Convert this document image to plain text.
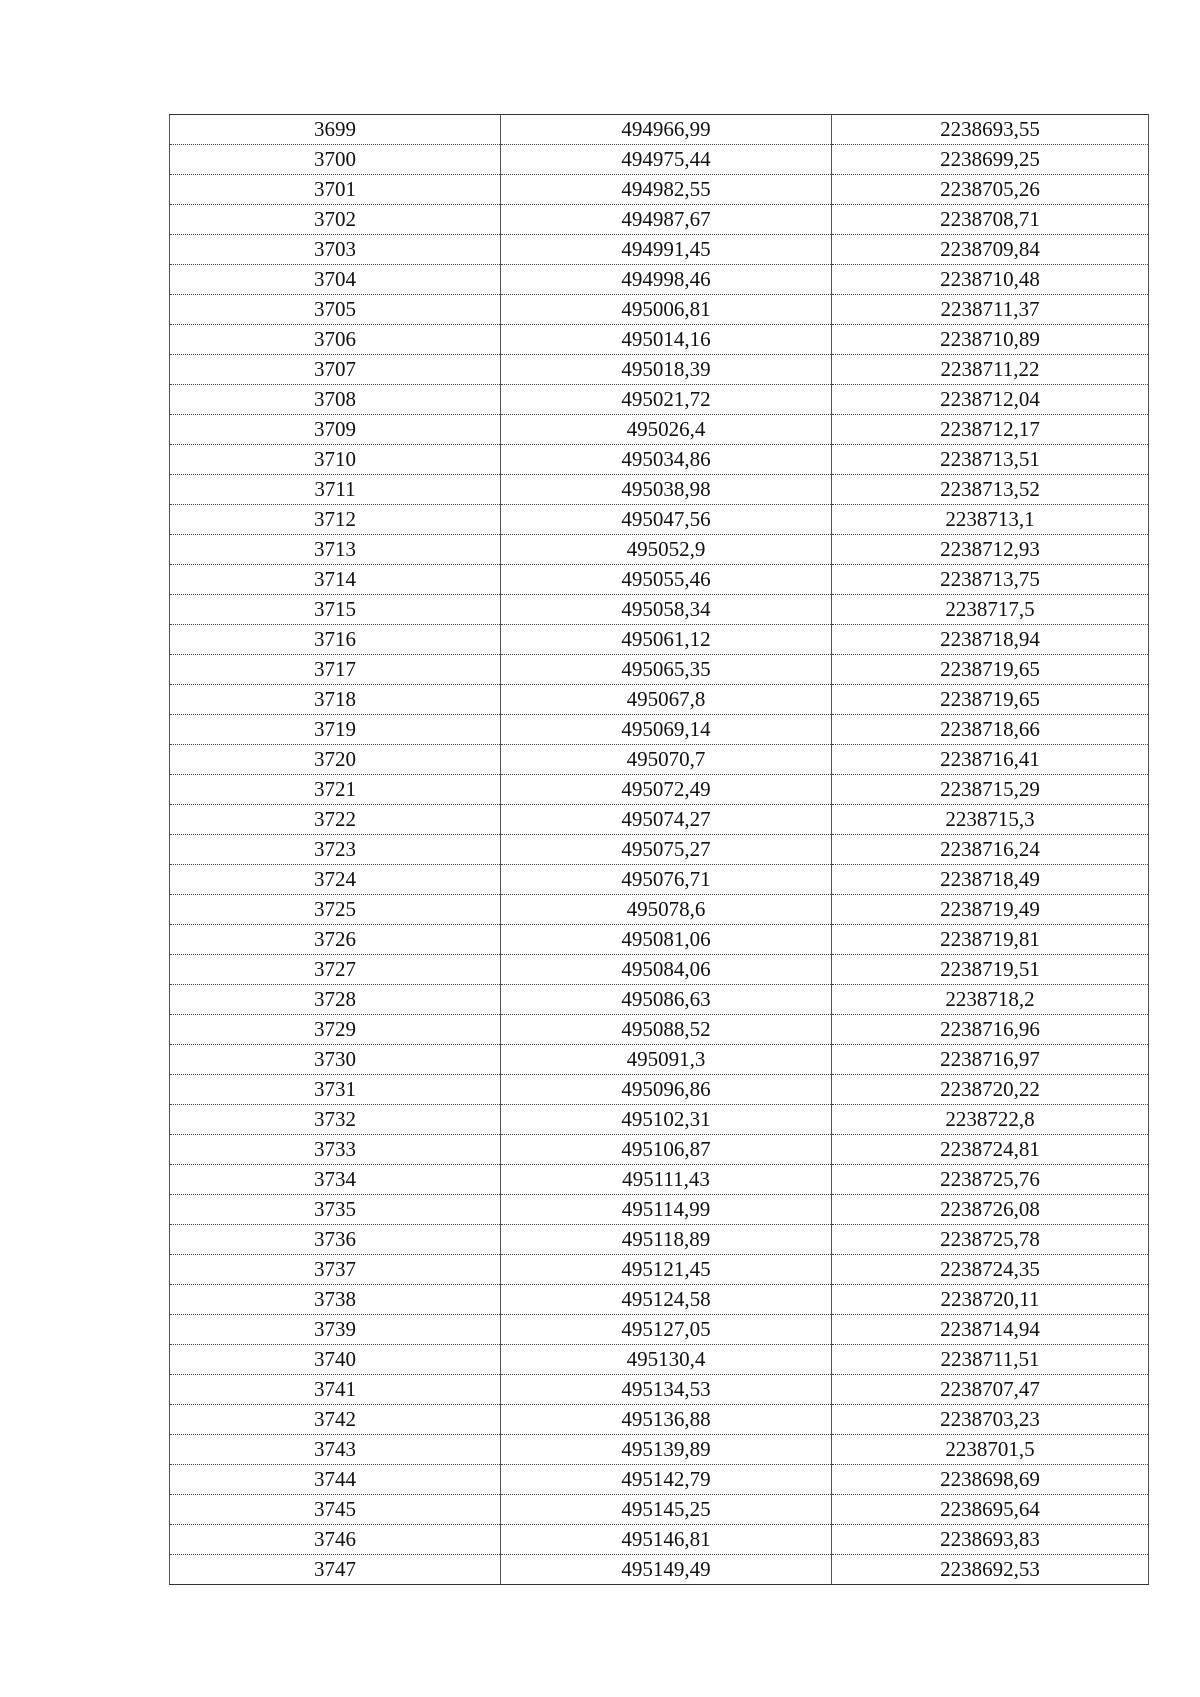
3699	494966,99	2238693,55
3700	494975,44	2238699,25
3701	494982,55	2238705,26
3702	494987,67	2238708,71
3703	494991,45	2238709,84
3704	494998,46	2238710,48
3705	495006,81	2238711,37
3706	495014,16	2238710,89
3707	495018,39	2238711,22
3708	495021,72	2238712,04
3709	495026,4	2238712,17
3710	495034,86	2238713,51
3711	495038,98	2238713,52
3712	495047,56	2238713,1
3713	495052,9	2238712,93
3714	495055,46	2238713,75
3715	495058,34	2238717,5
3716	495061,12	2238718,94
3717	495065,35	2238719,65
3718	495067,8	2238719,65
3719	495069,14	2238718,66
3720	495070,7	2238716,41
3721	495072,49	2238715,29
3722	495074,27	2238715,3
3723	495075,27	2238716,24
3724	495076,71	2238718,49
3725	495078,6	2238719,49
3726	495081,06	2238719,81
3727	495084,06	2238719,51
3728	495086,63	2238718,2
3729	495088,52	2238716,96
3730	495091,3	2238716,97
3731	495096,86	2238720,22
3732	495102,31	2238722,8
3733	495106,87	2238724,81
3734	495111,43	2238725,76
3735	495114,99	2238726,08
3736	495118,89	2238725,78
3737	495121,45	2238724,35
3738	495124,58	2238720,11
3739	495127,05	2238714,94
3740	495130,4	2238711,51
3741	495134,53	2238707,47
3742	495136,88	2238703,23
3743	495139,89	2238701,5
3744	495142,79	2238698,69
3745	495145,25	2238695,64
3746	495146,81	2238693,83
3747	495149,49	2238692,53
